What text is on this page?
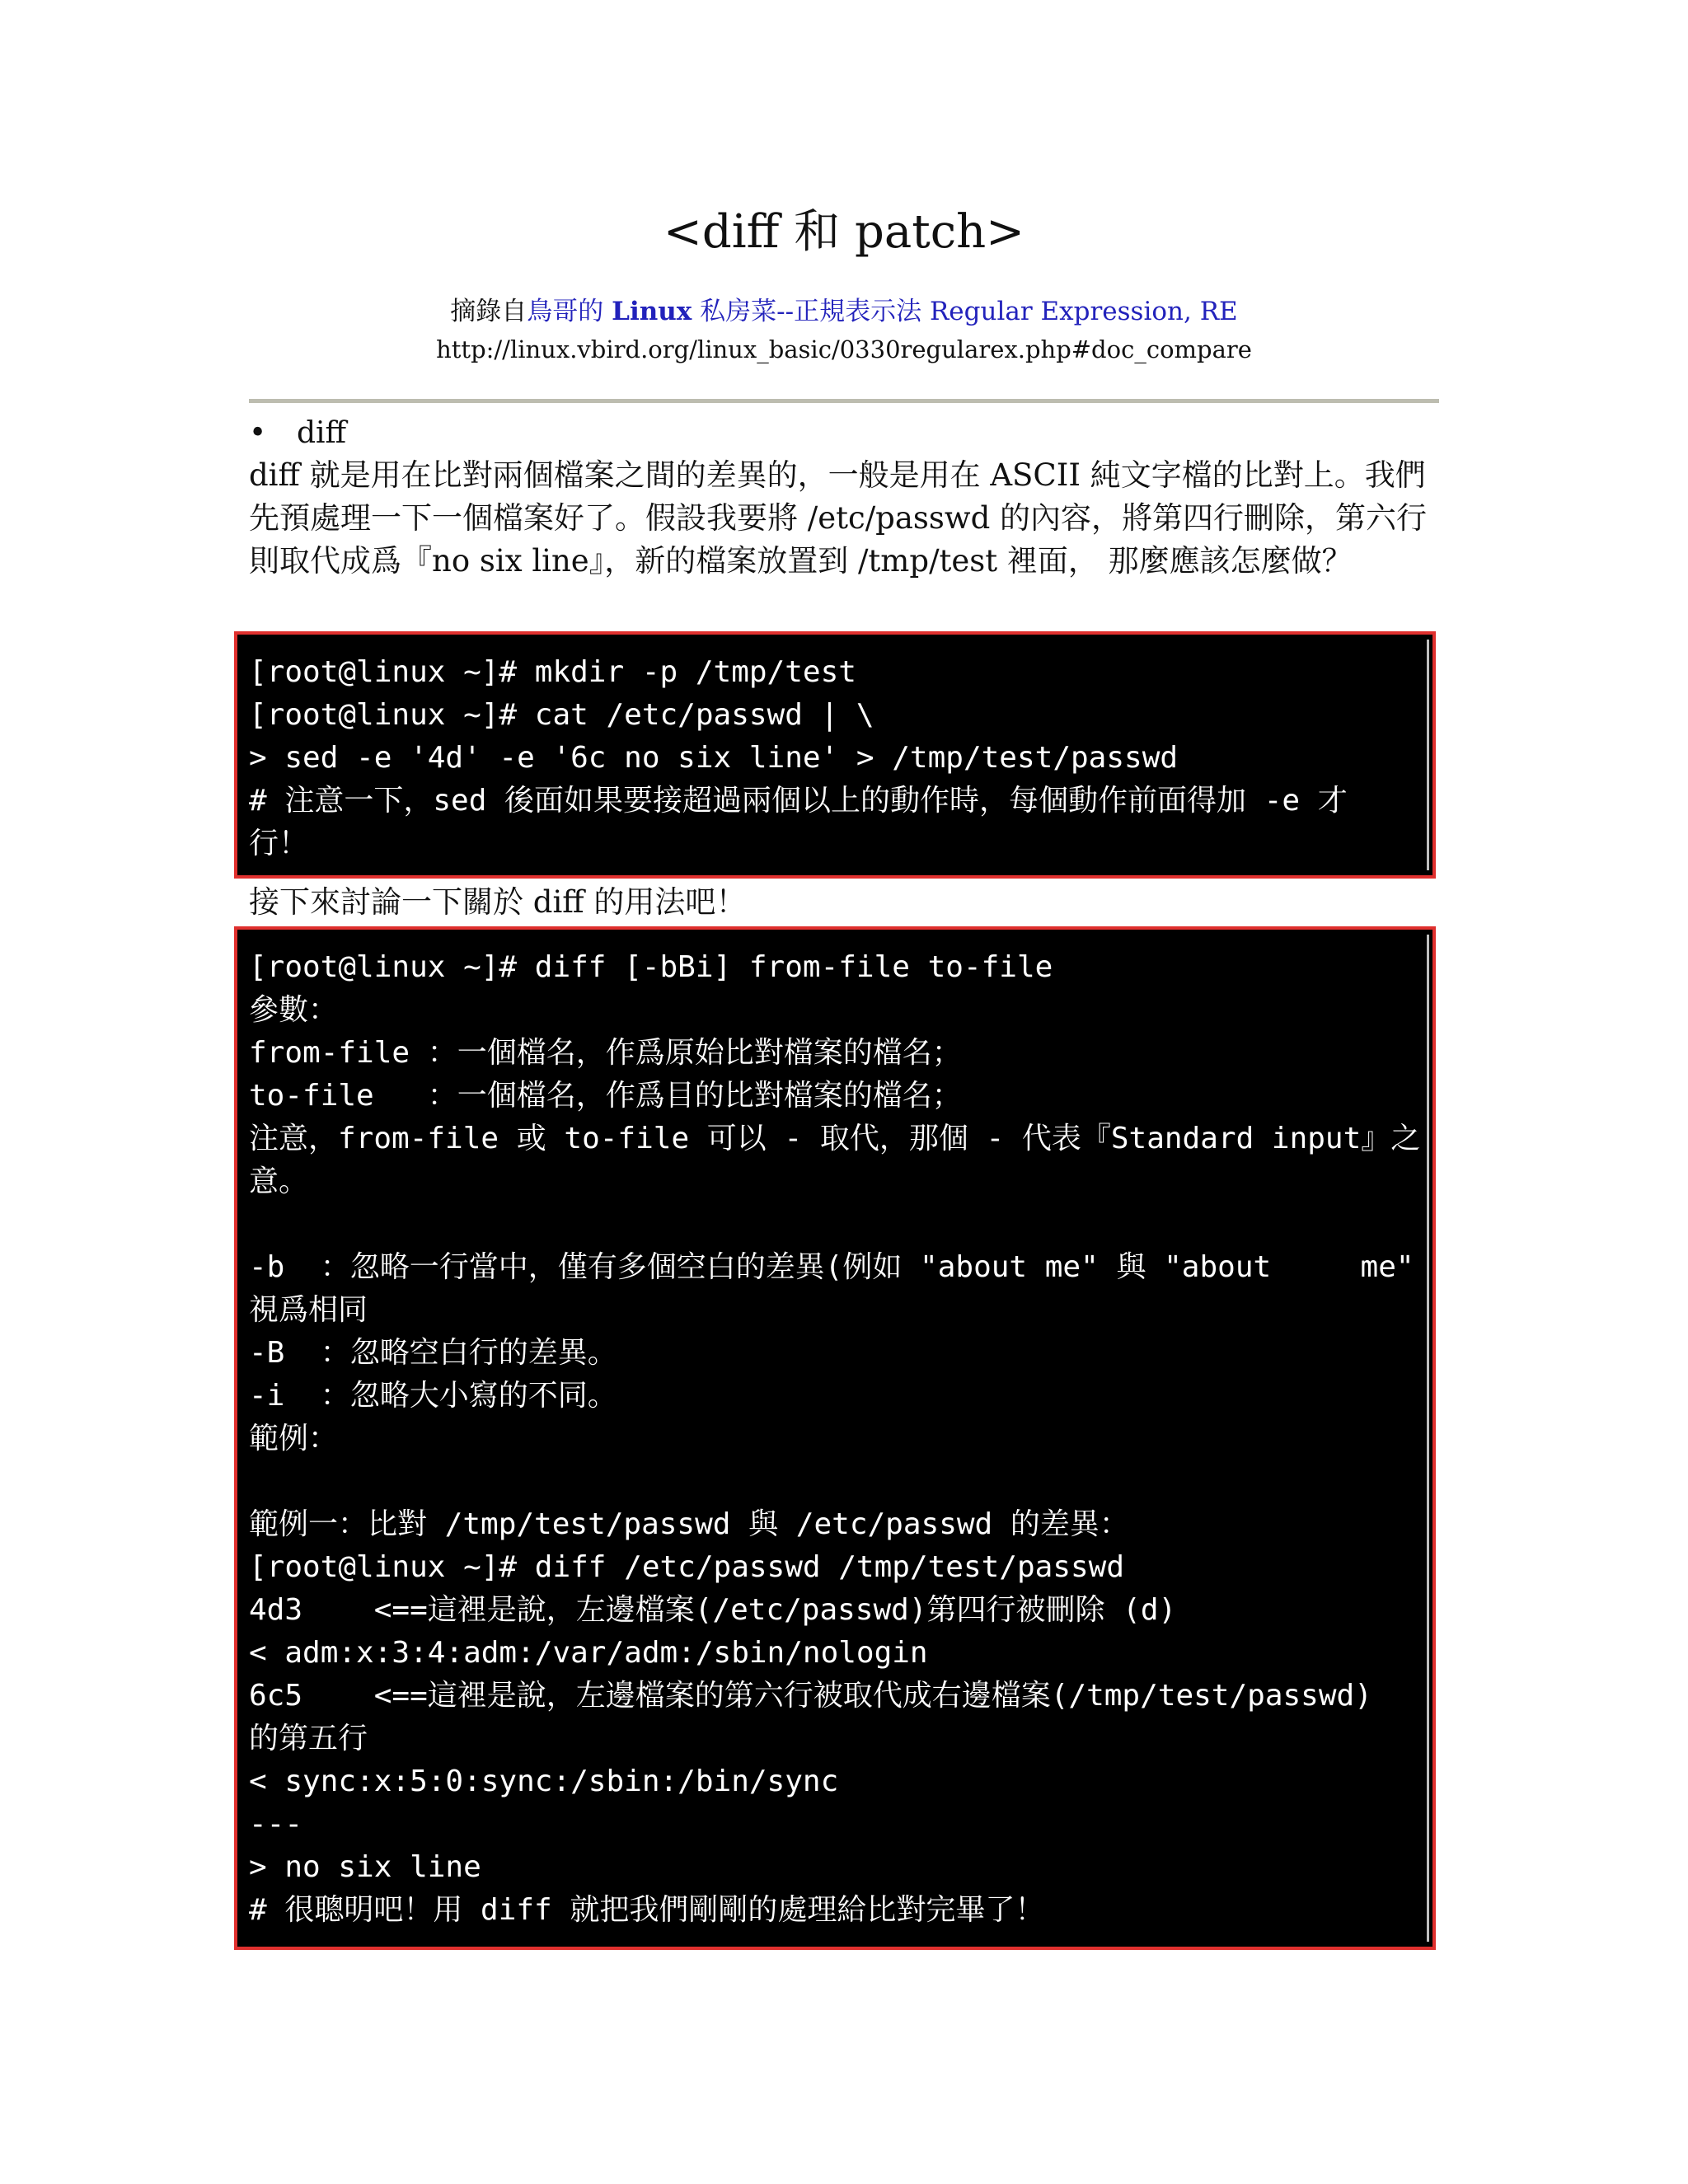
<diff 和 patch>
摘錄自鳥哥的 Linux 私房菜--正規表示法 Regular Expression, RE
http://linux.vbird.org/linux_basic/0330regularex.php#doc_compare
• diff
diff 就是用在比對兩個檔案之間的差異的，一般是用在 ASCII 純文字檔的比對上。我們先預處理一下一個檔案好了。假設我要將 /etc/passwd 的內容，將第四行刪除，第六行則取代成爲『no six line』，新的檔案放置到 /tmp/test 裡面， 那麼應該怎麼做？
[root@linux ~]# mkdir -p /tmp/test
[root@linux ~]# cat /etc/passwd | \
> sed -e '4d' -e '6c no six line' > /tmp/test/passwd
# 注意一下，sed 後面如果要接超過兩個以上的動作時，每個動作前面得加 -e 才
行！
接下來討論一下關於 diff 的用法吧！
[root@linux ~]# diff [-bBi] from-file to-file
參數：
from-file ：一個檔名，作爲原始比對檔案的檔名；
to-file   ：一個檔名，作爲目的比對檔案的檔名；
注意，from-file 或 to-file 可以 - 取代，那個 - 代表『Standard input』之
意。
-b  ：忽略一行當中，僅有多個空白的差異(例如 "about me" 與 "about     me"
視爲相同
-B  ：忽略空白行的差異。
-i  ：忽略大小寫的不同。
範例：
範例一：比對 /tmp/test/passwd 與 /etc/passwd 的差異：
[root@linux ~]# diff /etc/passwd /tmp/test/passwd
4d3    <==這裡是說，左邊檔案(/etc/passwd)第四行被刪除 (d)
< adm:x:3:4:adm:/var/adm:/sbin/nologin
6c5    <==這裡是說，左邊檔案的第六行被取代成右邊檔案(/tmp/test/passwd)
的第五行
< sync:x:5:0:sync:/sbin:/bin/sync
---
> no six line
# 很聰明吧！用 diff 就把我們剛剛的處理給比對完畢了！
